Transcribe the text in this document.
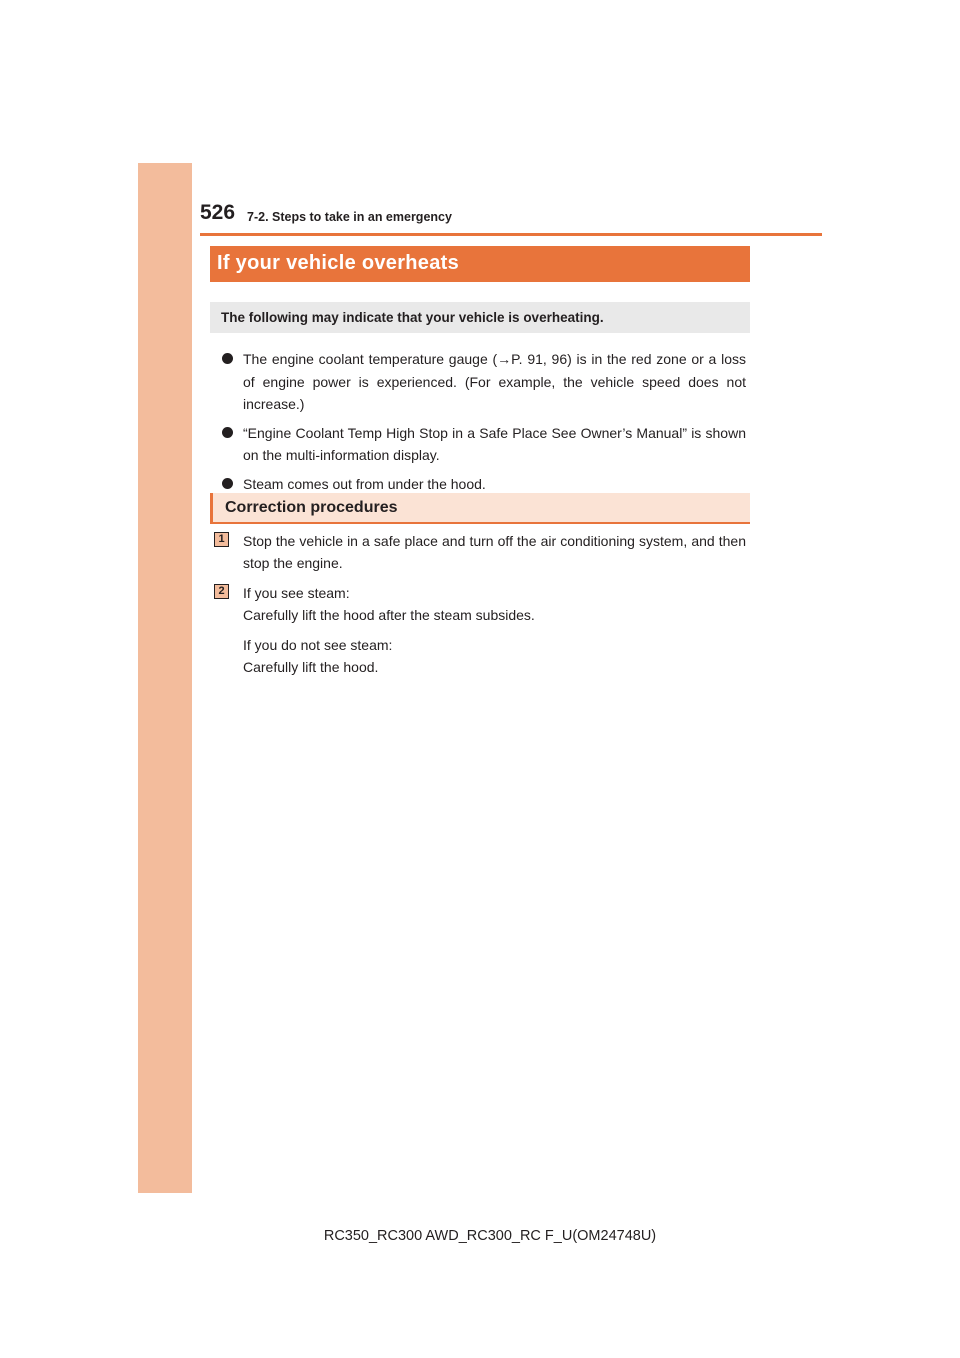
526 7-2. Steps to take in an emergency
If your vehicle overheats
The following may indicate that your vehicle is overheating.
The engine coolant temperature gauge (→P. 91, 96) is in the red zone or a loss of engine power is experienced. (For example, the vehicle speed does not increase.)
“Engine Coolant Temp High Stop in a Safe Place See Owner’s Manual” is shown on the multi-information display.
Steam comes out from under the hood.
Correction procedures
1	Stop the vehicle in a safe place and turn off the air conditioning system, and then stop the engine.

2	If you see steam:

Carefully lift the hood after the steam subsides.

If you do not see steam:

Carefully lift the hood.

RC350_RC300 AWD_RC300_RC F_U(OM24748U)
